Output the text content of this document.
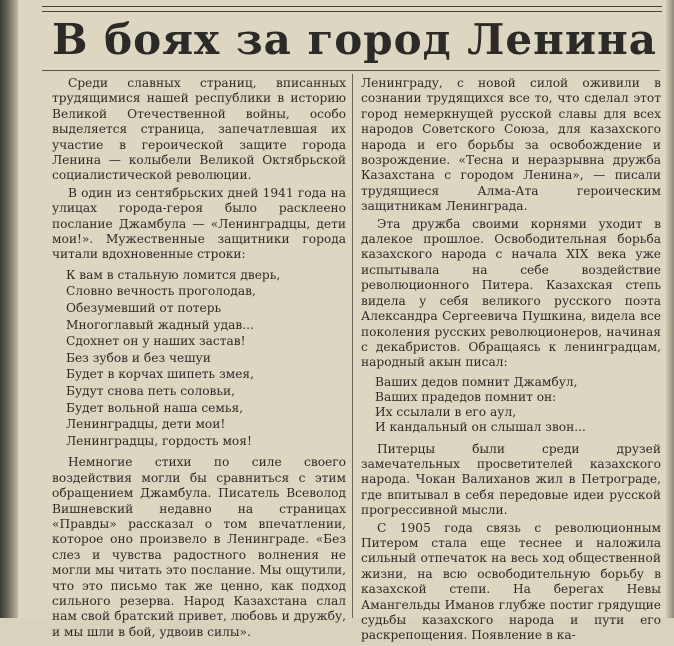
В боях за город Ленина

Среди славных страниц, вписанных трудящимися нашей республики в историю Великой Отечественной войны, особо выделяется страница, запечатлевшая их участие в героической защите города Ленина — колыбели Великой Октябрьской социалистической революции.

В один из сентябрьских дней 1941 года на улицах города-героя было расклеено послание Джамбула — «Ленинградцы, дети мои!». Мужественные защитники города читали вдохновенные строки:

К вам в стальную ломится дверь,
Словно вечность проголодав,
Обезумевший от потерь
Многоглавый жадный удав...
Сдохнет он у наших застав!
Без зубов и без чешуи
Будет в корчах шипеть змея,
Будут снова петь соловьи,
Будет вольной наша семья,
Ленинградцы, дети мои!
Ленинградцы, гордость моя!

Немногие стихи по силе своего воздействия могли бы сравниться с этим обращением Джамбула. Писатель Всеволод Вишневский недавно на страницах «Правды» рассказал о том впечатлении, которое оно произвело в Ленинграде. «Без слез и чувства радостного волнения не могли мы читать это послание. Мы ощутили, что это письмо так же ценно, как подход сильного резерва. Народ Казахстана слал нам свой братский привет, любовь и дружбу, и мы шли в бой, удвоив силы».

Ленинграду, с новой силой оживили в сознании трудящихся все то, что сделал этот город немеркнущей русской славы для всех народов Советского Союза, для казахского народа и его борьбы за освобождение и возрождение. «Тесна и неразрывна дружба Казахстана с городом Ленина», — писали трудящиеся Алма-Ата героическим защитникам Ленинграда.

Эта дружба своими корнями уходит в далекое прошлое. Освободительная борьба казахского народа с начала XIX века уже испытывала на себе воздействие революционного Питера. Казахская степь видела у себя великого русского поэта Александра Сергеевича Пушкина, видела все поколения русских революционеров, начиная с декабристов. Обращаясь к ленинградцам, народный акын писал:

Ваших дедов помнит Джамбул,
Ваших прадедов помнит он:
Их ссылали в его аул,
И кандальный он слышал звон...

Питерцы были среди друзей замечательных просветителей казахского народа. Чокан Валиханов жил в Петрограде, где впитывал в себя передовые идеи русской прогрессивной мысли.

С 1905 года связь с революционным Питером стала еще теснее и наложила сильный отпечаток на весь ход общественной жизни, на всю освободительную борьбу в казахской степи. На берегах Невы Амангельды Иманов глубже постиг грядущие судьбы казахского народа и пути его раскрепощения. Появление в ка-
